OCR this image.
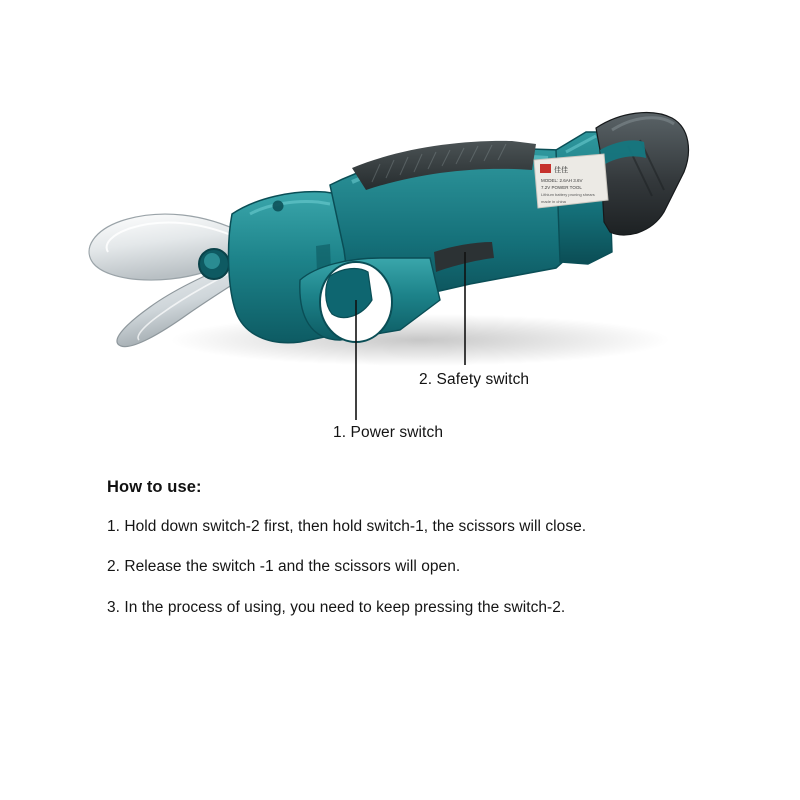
佳佳
MODEL: 2.6AH 3.6V
7.2V POWER TOOL
Lithium battery pruning shears
made in china
2. Safety switch
1. Power switch
How to use:
1. Hold down switch-2 first, then hold switch-1, the scissors will close.
2. Release the switch -1 and the scissors will open.
3. In the process of using, you need to keep pressing the switch-2.
